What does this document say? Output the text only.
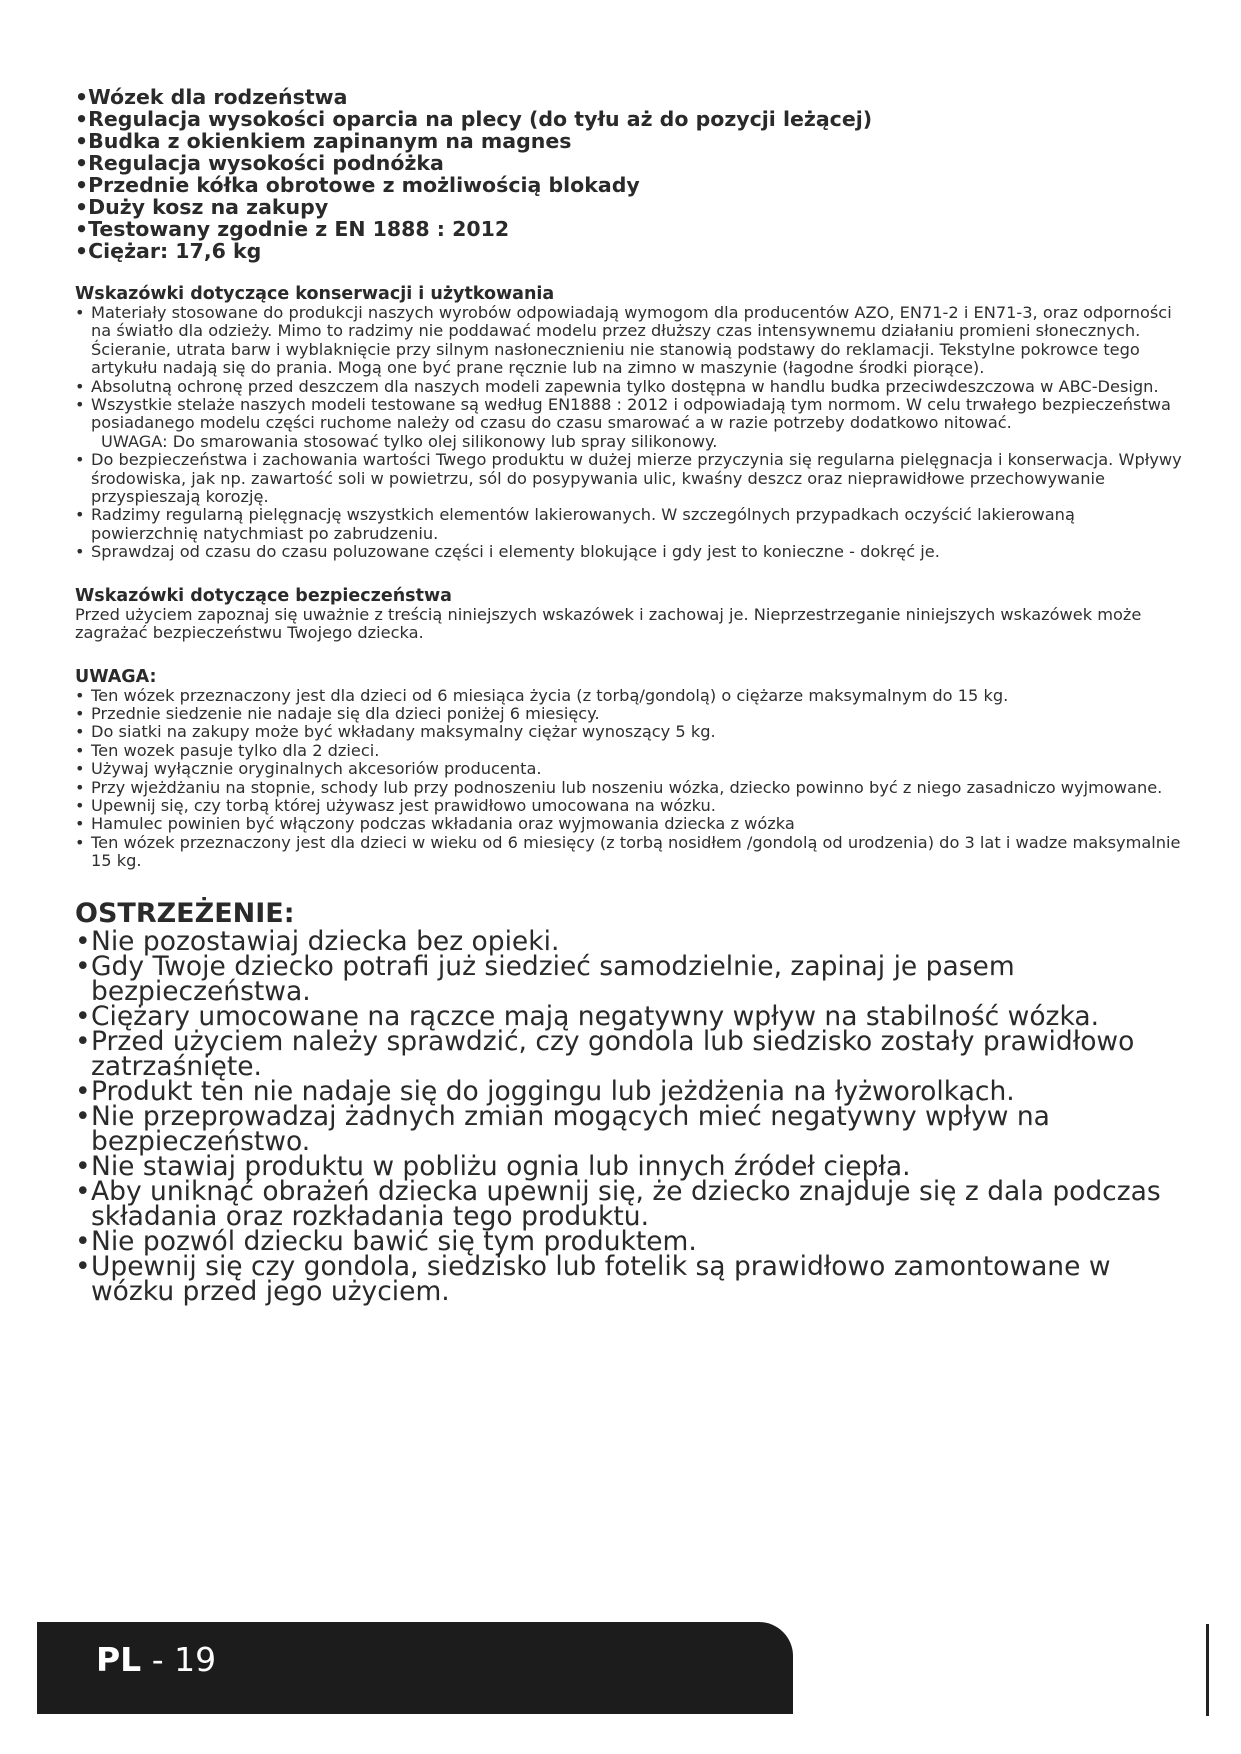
•Wózek dla rodzeństwa
•Regulacja wysokości oparcia na plecy (do tyłu aż do pozycji leżącej)
•Budka z okienkiem zapinanym na magnes
•Regulacja wysokości podnóżka
•Przednie kółka obrotowe z możliwością blokady
•Duży kosz na zakupy
•Testowany zgodnie z EN 1888 : 2012
•Ciężar: 17,6 kg
Wskazówki dotyczące konserwacji i użytkowania
• Materiały stosowane do produkcji naszych wyrobów odpowiadają wymogom dla producentów AZO, EN71-2 i EN71-3, oraz odporności na światło dla odzieży. Mimo to radzimy nie poddawać modelu przez dłuższy czas intensywnemu działaniu promieni słonecznych. Ścieranie, utrata barw i wyblaknięcie przy silnym nasłonecznieniu nie stanowią podstawy do reklamacji. Tekstylne pokrowce tego artykułu nadają się do prania. Mogą one być prane ręcznie lub na zimno w maszynie (łagodne środki piorące).
• Absolutną ochronę przed deszczem dla naszych modeli zapewnia tylko dostępna w handlu budka przeciwdeszczowa w ABC-Design.
• Wszystkie stelaże naszych modeli testowane są według EN1888 : 2012 i odpowiadają tym normom. W celu trwałego bezpieczeństwa posiadanego modelu części ruchome należy od czasu do czasu smarować a w razie potrzeby dodatkowo nitować.
UWAGA: Do smarowania stosować tylko olej silikonowy lub spray silikonowy.
• Do bezpieczeństwa i zachowania wartości Twego produktu w dużej mierze przyczynia się regularna pielęgnacja i konserwacja. Wpływy środowiska, jak np. zawartość soli w powietrzu, sól do posypywania ulic, kwaśny deszcz oraz nieprawidłowe przechowywanie przyspieszają korozję.
• Radzimy regularną pielęgnację wszystkich elementów lakierowanych. W szczególnych przypadkach oczyścić lakierowaną powierzchnię natychmiast po zabrudzeniu.
• Sprawdzaj od czasu do czasu poluzowane części i elementy blokujące i gdy jest to konieczne - dokręć je.
Wskazówki dotyczące bezpieczeństwa

Przed użyciem zapoznaj się uważnie z treścią niniejszych wskazówek i zachowaj je. Nieprzestrzeganie niniejszych wskazówek może zagrażać bezpieczeństwu Twojego dziecka.

UWAGA:
• Ten wózek przeznaczony jest dla dzieci od 6 miesiąca życia (z torbą/gondolą) o ciężarze maksymalnym do 15 kg.
• Przednie siedzenie nie nadaje się dla dzieci poniżej 6 miesięcy.
• Do siatki na zakupy może być wkładany maksymalny ciężar wynoszący 5 kg.
• Ten wozek pasuje tylko dla 2 dzieci.
• Używaj wyłącznie oryginalnych akcesoriów producenta.
• Przy wjeżdżaniu na stopnie, schody lub przy podnoszeniu lub noszeniu wózka, dziecko powinno być z niego zasadniczo wyjmowane.
• Upewnij się, czy torbą której używasz jest prawidłowo umocowana na wózku.
• Hamulec powinien być włączony podczas wkładania oraz wyjmowania dziecka z wózka
• Ten wózek przeznaczony jest dla dzieci w wieku od 6 miesięcy (z torbą nosidłem /gondolą od urodzenia) do 3 lat i wadze maksymalnie 15 kg.
OSTRZEŻENIE:
•Nie pozostawiaj dziecka bez opieki.
•Gdy Twoje dziecko potrafi już siedzieć samodzielnie, zapinaj je pasem bezpieczeństwa.
•Ciężary umocowane na rączce mają negatywny wpływ na stabilność wózka.
•Przed użyciem należy sprawdzić, czy gondola lub siedzisko zostały prawidłowo zatrzaśnięte.
•Produkt ten nie nadaje się do joggingu lub jeżdżenia na łyżworolkach.
•Nie przeprowadzaj żadnych zmian mogących mieć negatywny wpływ na bezpieczeństwo.
•Nie stawiaj produktu w pobliżu ognia lub innych źródeł ciepła.
•Aby uniknąć obrażeń dziecka upewnij się, że dziecko znajduje się z dala podczas składania oraz rozkładania tego produktu.
•Nie pozwól dziecku bawić się tym produktem.
•Upewnij się czy gondola, siedzisko lub fotelik są prawidłowo zamontowane w wózku przed jego użyciem.
PL - 19
